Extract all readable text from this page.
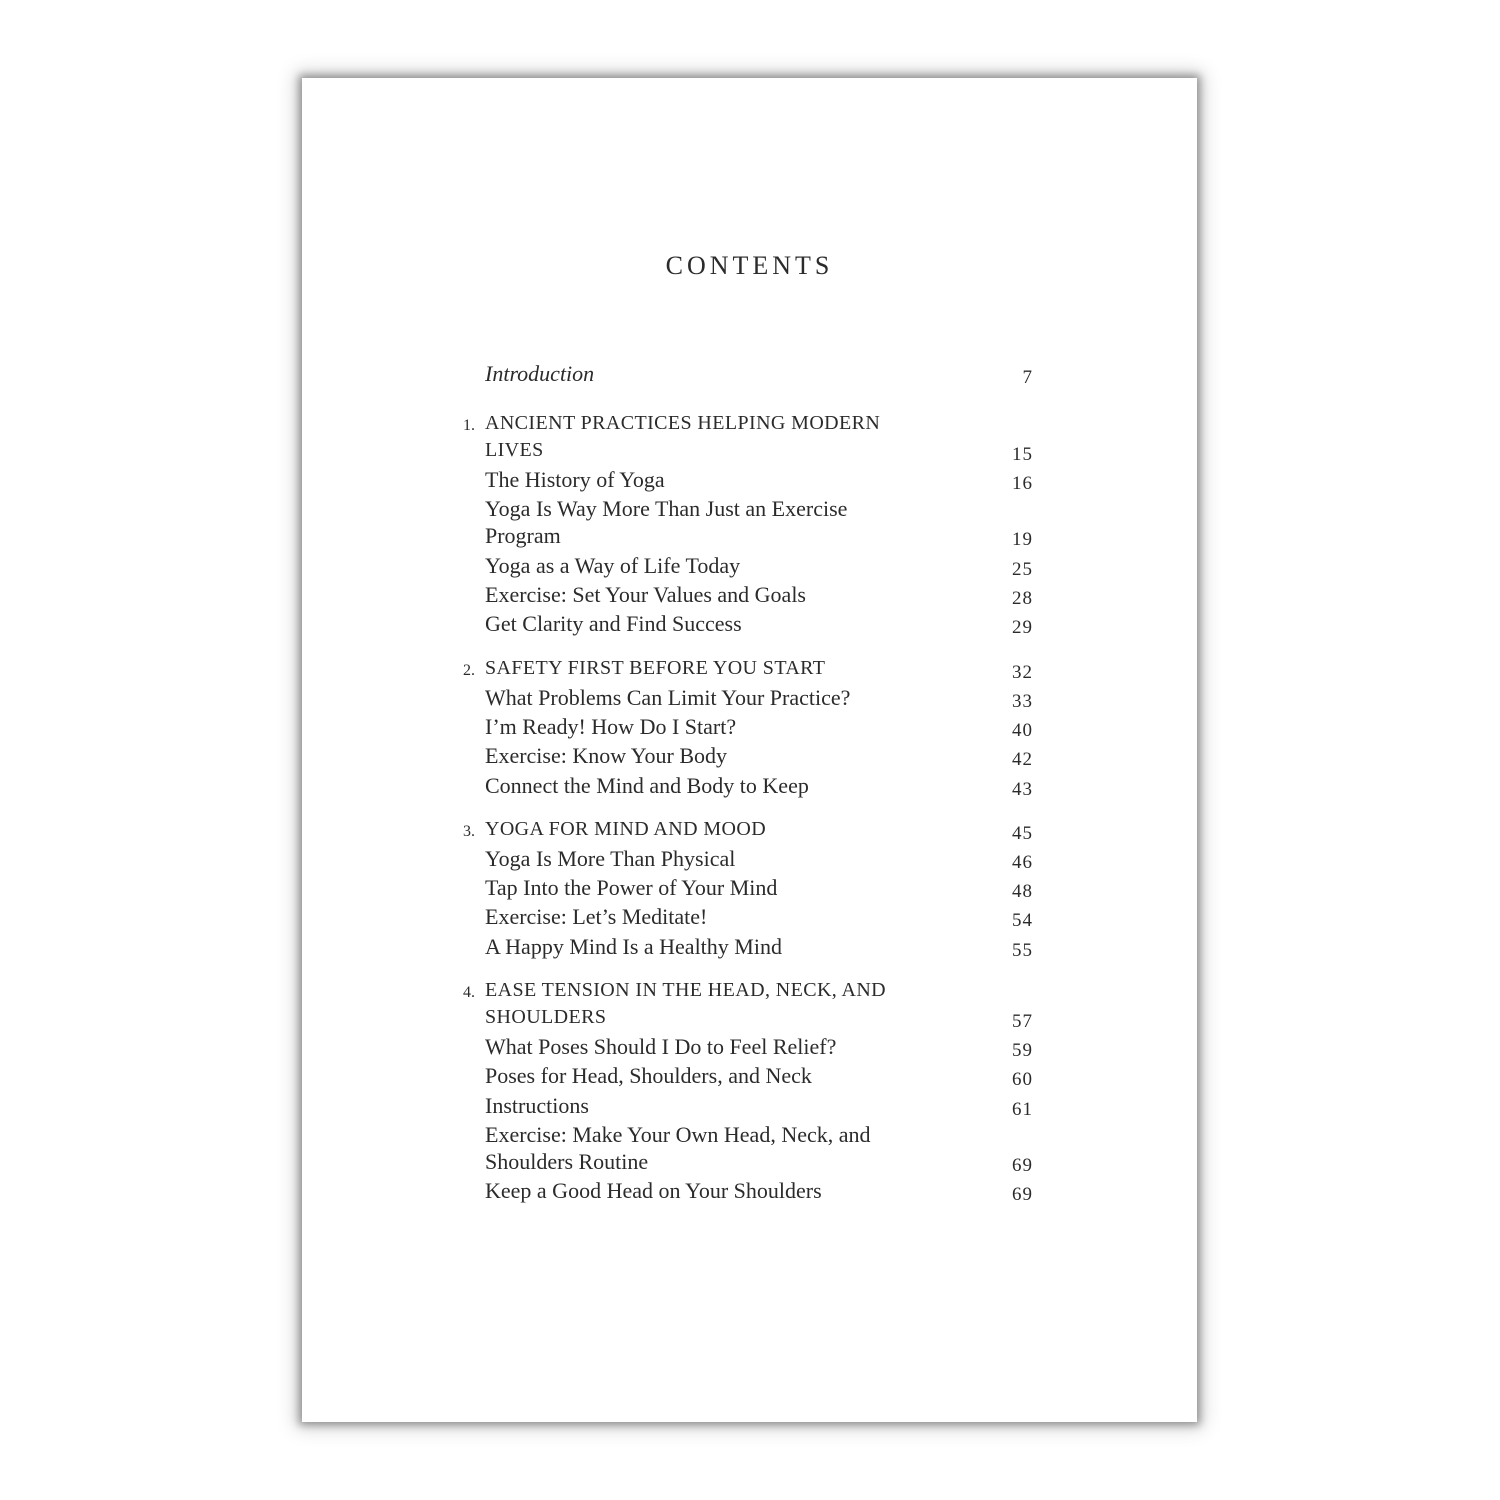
CONTENTS
Introduction	7
1. ANCIENT PRACTICES HELPING MODERN
LIVES	15
The History of Yoga	16
Yoga Is Way More Than Just an Exercise
Program	19
Yoga as a Way of Life Today	25
Exercise: Set Your Values and Goals	28
Get Clarity and Find Success	29
2. SAFETY FIRST BEFORE YOU START	32
What Problems Can Limit Your Practice?	33
I’m Ready! How Do I Start?	40
Exercise: Know Your Body	42
Connect the Mind and Body to Keep	43
3. YOGA FOR MIND AND MOOD	45
Yoga Is More Than Physical	46
Tap Into the Power of Your Mind	48
Exercise: Let’s Meditate!	54
A Happy Mind Is a Healthy Mind	55
4. EASE TENSION IN THE HEAD, NECK, AND
SHOULDERS	57
What Poses Should I Do to Feel Relief?	59
Poses for Head, Shoulders, and Neck	60
Instructions	61
Exercise: Make Your Own Head, Neck, and
Shoulders Routine	69
Keep a Good Head on Your Shoulders	69
